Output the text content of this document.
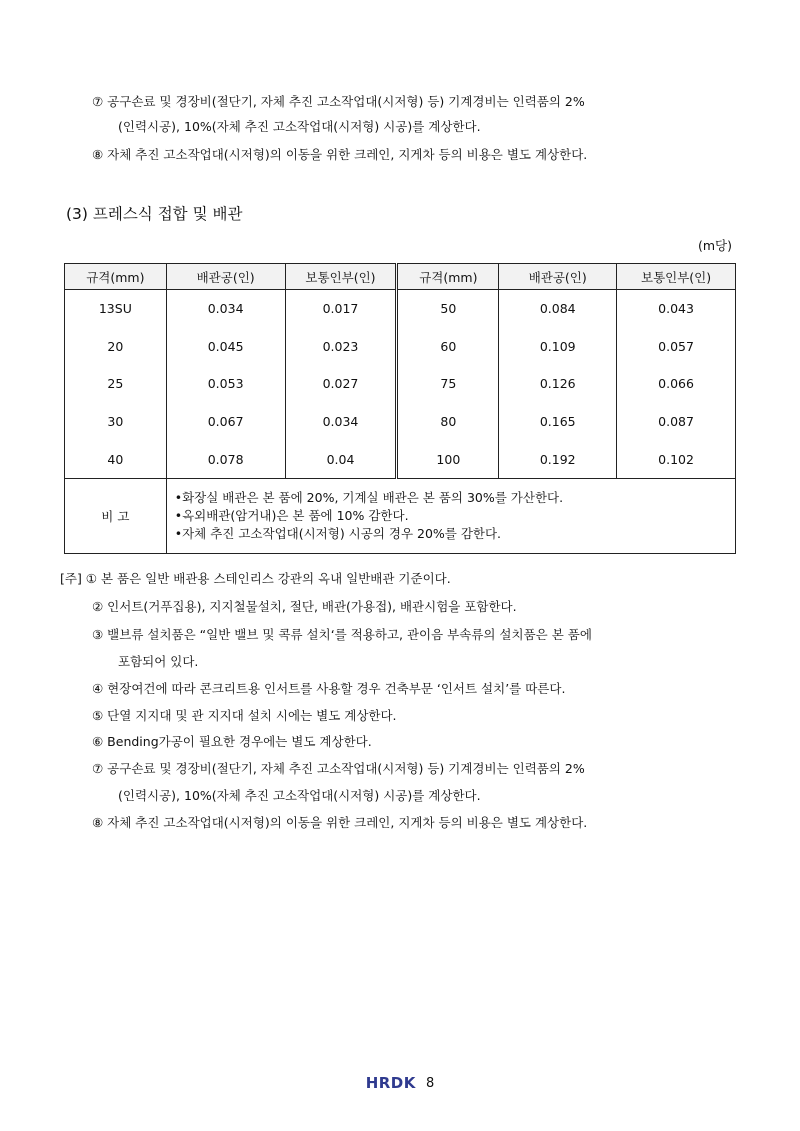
⑦ 공구손료 및 경장비(절단기, 자체 추진 고소작업대(시저형) 등) 기계경비는 인력품의 2%
(인력시공), 10%(자체 추진 고소작업대(시저형) 시공)를 계상한다.
⑧ 자체 추진 고소작업대(시저형)의 이동을 위한 크레인, 지게차 등의 비용은 별도 계상한다.
(3) 프레스식 접합 및 배관
(m당)
규격(mm)	배관공(인)	보통인부(인)	규격(mm)	배관공(인)	보통인부(인)
13SU	0.034	0.017	50	0.084	0.043
20	0.045	0.023	60	0.109	0.057
25	0.053	0.027	75	0.126	0.066
30	0.067	0.034	80	0.165	0.087
40	0.078	0.04	100	0.192	0.102
비 고	•화장실 배관은 본 품에 20%, 기계실 배관은 본 품의 30%를 가산한다.
•옥외배관(암거내)은 본 품에 10% 감한다.
•자체 추진 고소작업대(시저형) 시공의 경우 20%를 감한다.				
[주] ① 본 품은 일반 배관용 스테인리스 강관의 옥내 일반배관 기준이다.
② 인서트(거푸집용), 지지철물설치, 절단, 배관(가용접), 배관시험을 포함한다.
③ 밸브류 설치품은 “일반 밸브 및 콕류 설치‘를 적용하고, 관이음 부속류의 설치품은 본 품에
포함되어 있다.
④ 현장여건에 따라 콘크리트용 인서트를 사용할 경우 건축부문 ‘인서트 설치’를 따른다.
⑤ 단열 지지대 및 관 지지대 설치 시에는 별도 계상한다.
⑥ Bending가공이 필요한 경우에는 별도 계상한다.
⑦ 공구손료 및 경장비(절단기, 자체 추진 고소작업대(시저형) 등) 기계경비는 인력품의 2%
(인력시공), 10%(자체 추진 고소작업대(시저형) 시공)를 계상한다.
⑧ 자체 추진 고소작업대(시저형)의 이동을 위한 크레인, 지게차 등의 비용은 별도 계상한다.
HRDK 8
